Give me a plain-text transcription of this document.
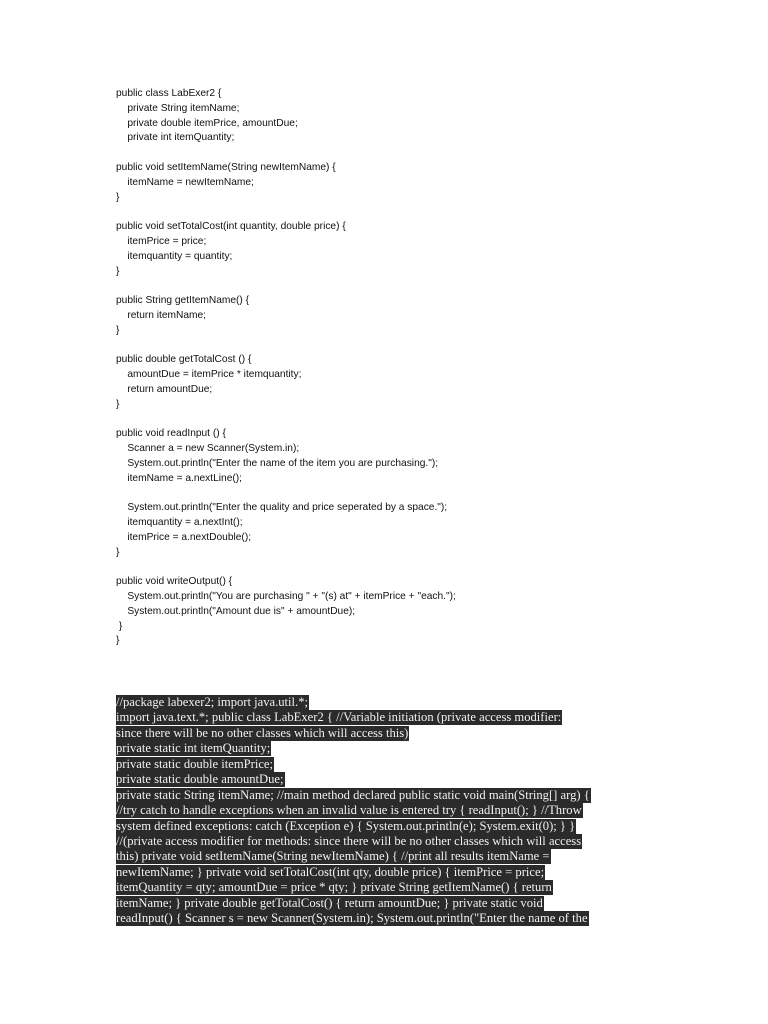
public class LabExer2 {
private String itemName;
private double itemPrice, amountDue;
private int itemQuantity;
public void setItemName(String newItemName) {
itemName = newItemName;
}
public void setTotalCost(int quantity, double price) {
itemPrice = price;
itemquantity = quantity;
}
public String getItemName() {
return itemName;
}
public double getTotalCost () {
amountDue = itemPrice * itemquantity;
return amountDue;
}
public void readInput () {
Scanner a = new Scanner(System.in);
System.out.println("Enter the name of the item you are purchasing.");
itemName = a.nextLine();
System.out.println("Enter the quality and price seperated by a space.");
itemquantity = a.nextInt();
itemPrice = a.nextDouble();
}
public void writeOutput() {
System.out.println("You are purchasing " + "(s) at" + itemPrice + "each.");
System.out.println("Amount due is" + amountDue);
}
}
//package labexer2; import java.util.*;
import java.text.*; public class LabExer2 { //Variable initiation (private access modifier:
since there will be no other classes which will access this)
private static int itemQuantity;
private static double itemPrice;
private static double amountDue;
private static String itemName; //main method declared public static void main(String[] arg) {
//try catch to handle exceptions when an invalid value is entered try { readInput(); } //Throw
system defined exceptions: catch (Exception e) { System.out.println(e); System.exit(0); } }
//(private access modifier for methods: since there will be no other classes which will access
this) private void setItemName(String newItemName) { //print all results itemName =
newItemName; } private void setTotalCost(int qty, double price) { itemPrice = price;
itemQuantity = qty; amountDue = price * qty; } private String getItemName() { return
itemName; } private double getTotalCost() { return amountDue; } private static void
readInput() { Scanner s = new Scanner(System.in); System.out.println("Enter the name of the
